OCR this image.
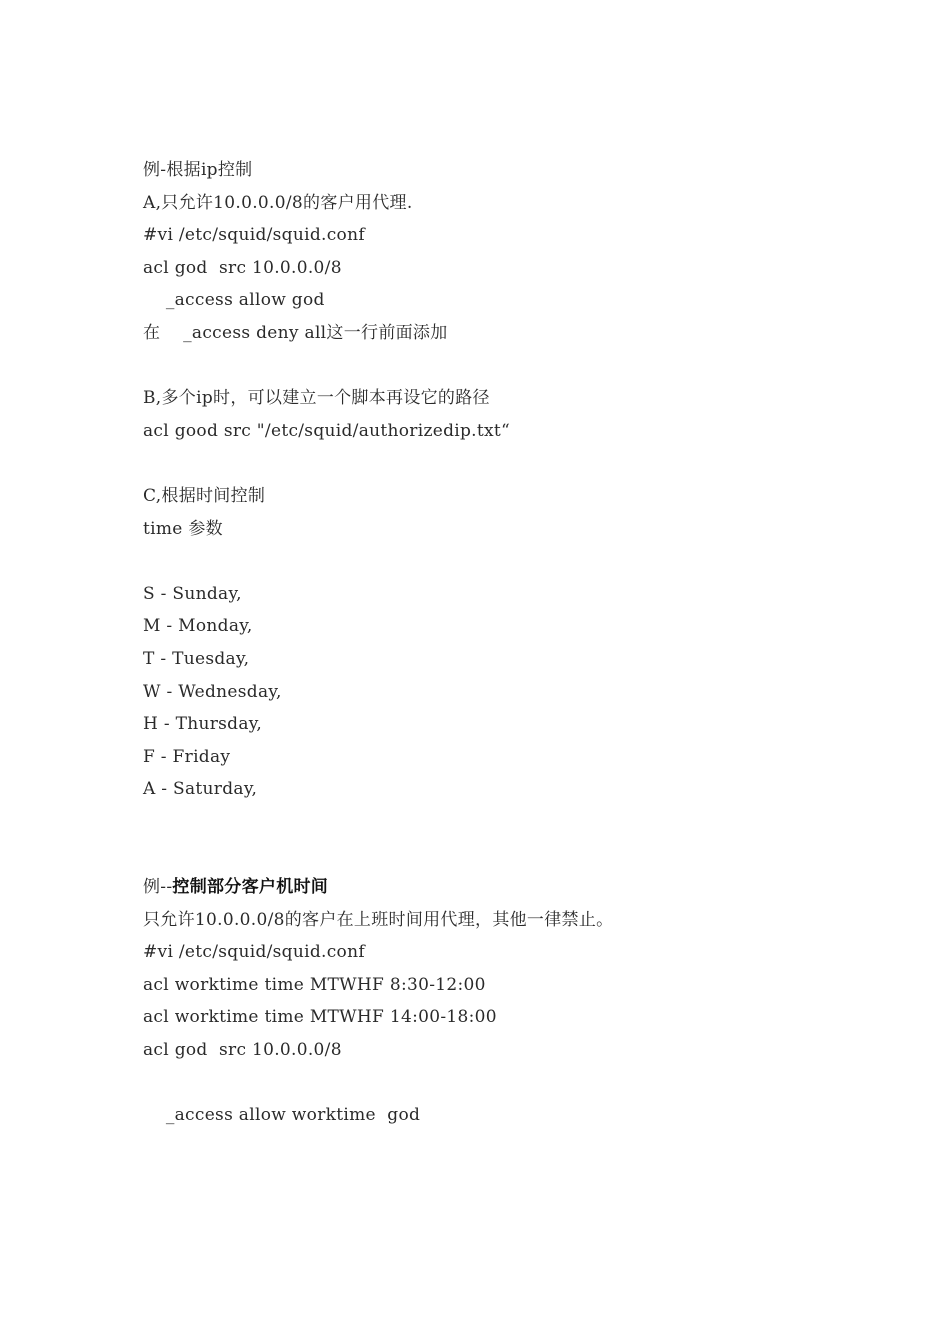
例-根据ip控制
A,只允许10.0.0.0/8的客户用代理.
#vi /etc/squid/squid.conf
acl god  src 10.0.0.0/8
_access allow god
在    _access deny all这一行前面添加
B,多个ip时，可以建立一个脚本再设它的路径
acl good src "/etc/squid/authorizedip.txt“
C,根据时间控制
time 参数
S - Sunday,
M - Monday,
T - Tuesday,
W - Wednesday,
H - Thursday,
F - Friday
A - Saturday,
例--控制部分客户机时间
只允许10.0.0.0/8的客户在上班时间用代理，其他一律禁止。
#vi /etc/squid/squid.conf
acl worktime time MTWHF 8:30-12:00
acl worktime time MTWHF 14:00-18:00
acl god  src 10.0.0.0/8
_access allow worktime  god
